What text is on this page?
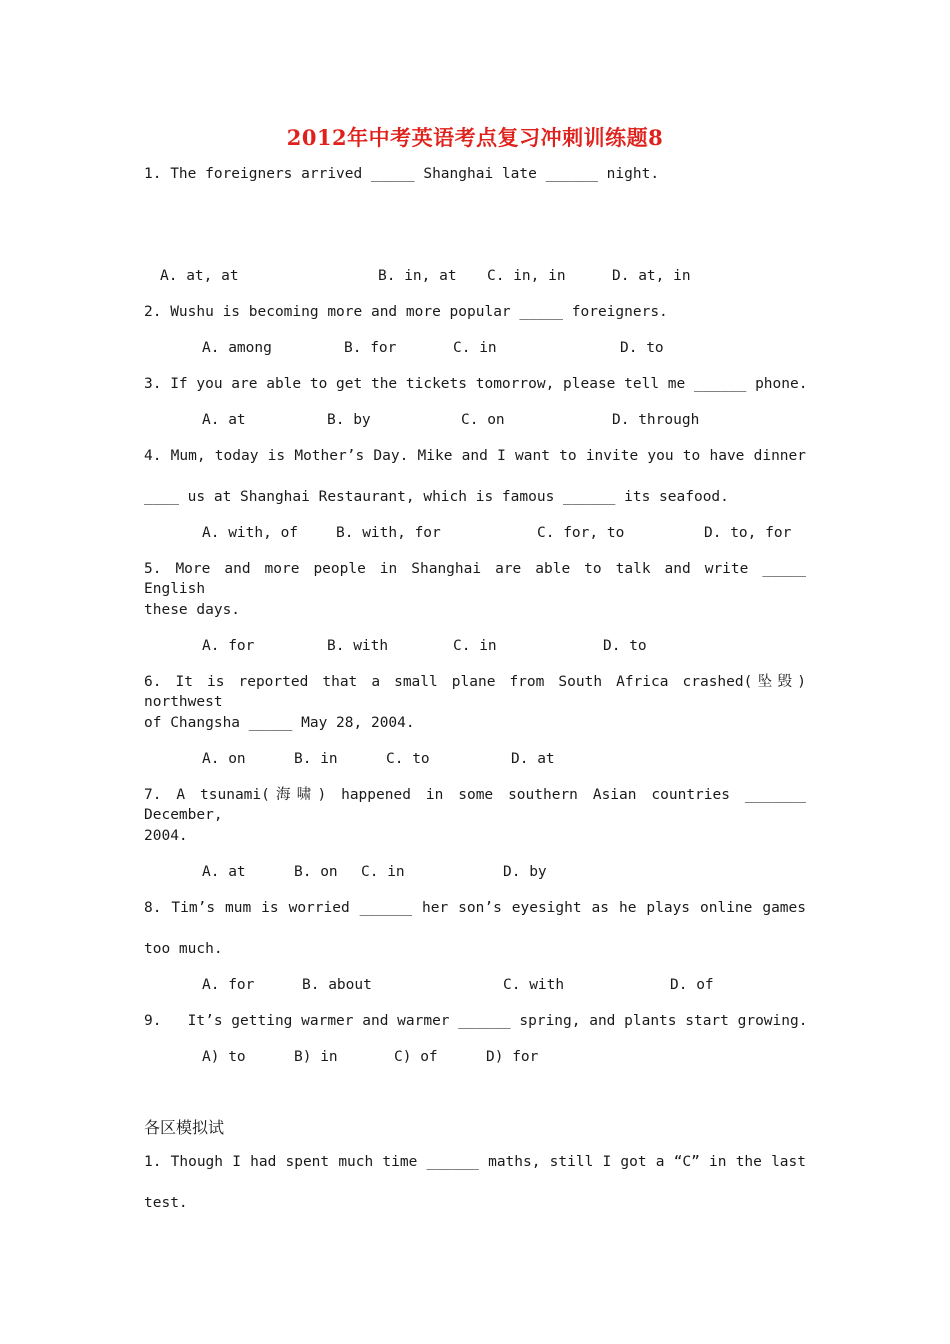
2012年中考英语考点复习冲刺训练题8
1. The foreigners arrived _____ Shanghai late ______ night.
A. at, at	B. in, at C. in, in	D. at, in
2. Wushu is becoming more and more popular _____ foreigners.
A. among	B. for	C. in	D. to
3. If you are able to get the tickets tomorrow, please tell me ______ phone.
A. at	B. by	C. on	D. through
4. Mum, today is Mother’s Day. Mike and I want to invite you to have dinner
____ us at Shanghai Restaurant, which is famous ______ its seafood.
A. with, of	B. with, for	C. for, to	D. to, for
5. More and more people in Shanghai are able to talk and write _____ English
these days.
A. for	B. with	C. in	D. to
6. It is reported that a small plane from South Africa crashed(坠毁) northwest
of Changsha _____ May 28, 2004.
A. on	B. in	C. to	D. at
7. A tsunami(海啸) happened in some southern Asian countries _______ December,
2004.
A. at	B. on C. in	D. by
8. Tim’s mum is worried ______ her son’s eyesight as he plays online games
too much.
A. for	B. about	C. with	D. of
9.   It’s getting warmer and warmer ______ spring, and plants start growing.
A) to	B) in	C) of	D) for
各区模拟试
1. Though I had spent much time ______ maths, still I got a “C” in the last
test.
